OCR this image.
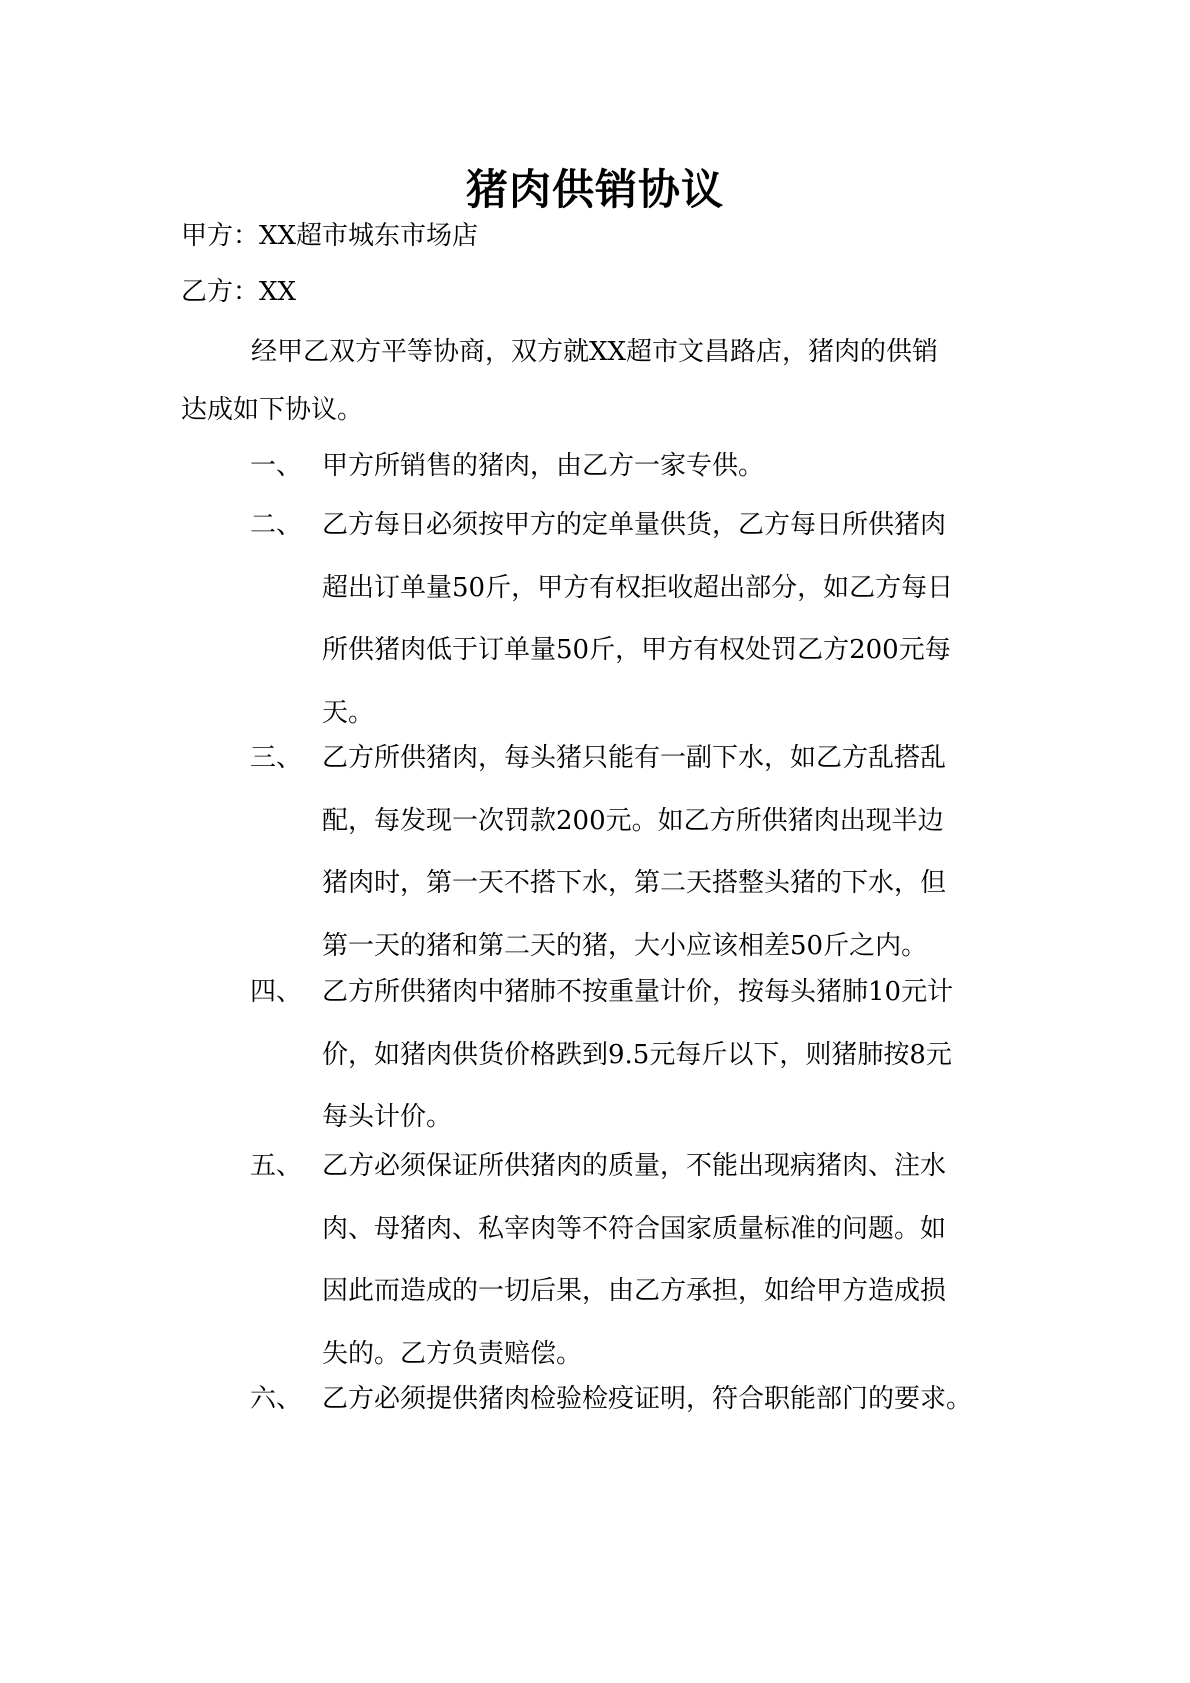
猪肉供销协议
甲方：XX超市城东市场店
乙方：XX
经甲乙双方平等协商，双方就XX超市文昌路店，猪肉的供销
达成如下协议。
一、 甲方所销售的猪肉，由乙方一家专供。
二、 乙方每日必须按甲方的定单量供货，乙方每日所供猪肉
超出订单量50斤，甲方有权拒收超出部分，如乙方每日
所供猪肉低于订单量50斤，甲方有权处罚乙方200元每
天。
三、 乙方所供猪肉，每头猪只能有一副下水，如乙方乱搭乱
配，每发现一次罚款200元。如乙方所供猪肉出现半边
猪肉时，第一天不搭下水，第二天搭整头猪的下水，但
第一天的猪和第二天的猪，大小应该相差50斤之内。
四、 乙方所供猪肉中猪肺不按重量计价，按每头猪肺10元计
价，如猪肉供货价格跌到9.5元每斤以下，则猪肺按8元
每头计价。
五、 乙方必须保证所供猪肉的质量，不能出现病猪肉、注水
肉、母猪肉、私宰肉等不符合国家质量标准的问题。如
因此而造成的一切后果，由乙方承担，如给甲方造成损
失的。乙方负责赔偿。
六、 乙方必须提供猪肉检验检疫证明，符合职能部门的要求。
